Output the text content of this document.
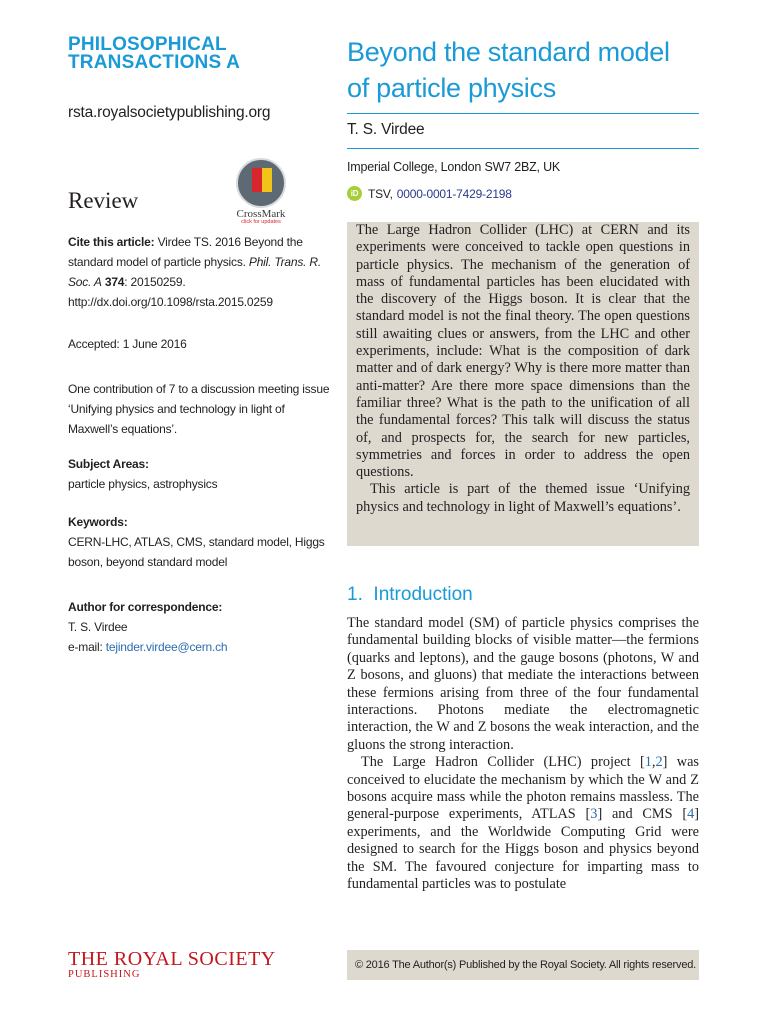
PHILOSOPHICAL
TRANSACTIONS A
rsta.royalsocietypublishing.org
Review
CrossMark
click for updates
Cite this article: Virdee TS. 2016 Beyond the standard model of particle physics. Phil. Trans. R. Soc. A 374: 20150259.
http://dx.doi.org/10.1098/rsta.2015.0259
Accepted: 1 June 2016
One contribution of 7 to a discussion meeting issue ‘Unifying physics and technology in light of Maxwell’s equations’.
Subject Areas:
particle physics, astrophysics
Keywords:
CERN-LHC, ATLAS, CMS, standard model, Higgs boson, beyond standard model
Author for correspondence:
T. S. Virdee
e-mail: tejinder.virdee@cern.ch
THE ROYAL SOCIETY
PUBLISHING
Beyond the standard model
of particle physics
T. S. Virdee
Imperial College, London SW7 2BZ, UK
iD TSV, 0000-0001-7429-2198

The Large Hadron Collider (LHC) at CERN and its experiments were conceived to tackle open questions in particle physics. The mechanism of the generation of mass of fundamental particles has been elucidated with the discovery of the Higgs boson. It is clear that the standard model is not the final theory. The open questions still awaiting clues or answers, from the LHC and other experiments, include: What is the composition of dark matter and of dark energy? Why is there more matter than anti-matter? Are there more space dimensions than the familiar three? What is the path to the unification of all the fundamental forces? This talk will discuss the status of, and prospects for, the search for new particles, symmetries and forces in order to address the open questions.

This article is part of the themed issue ‘Unifying physics and technology in light of Maxwell’s equations’.

1. Introduction

The standard model (SM) of particle physics comprises the fundamental building blocks of visible matter—the fermions (quarks and leptons), and the gauge bosons (photons, W and Z bosons, and gluons) that mediate the interactions between these fermions arising from three of the four fundamental interactions. Photons mediate the electromagnetic interaction, the W and Z bosons the weak interaction, and the gluons the strong interaction.

The Large Hadron Collider (LHC) project [1,2] was conceived to elucidate the mechanism by which the W and Z bosons acquire mass while the photon remains massless. The general-purpose experiments, ATLAS [3] and CMS [4] experiments, and the Worldwide Computing Grid were designed to search for the Higgs boson and physics beyond the SM. The favoured conjecture for imparting mass to fundamental particles was to postulate

© 2016 The Author(s) Published by the Royal Society. All rights reserved.
